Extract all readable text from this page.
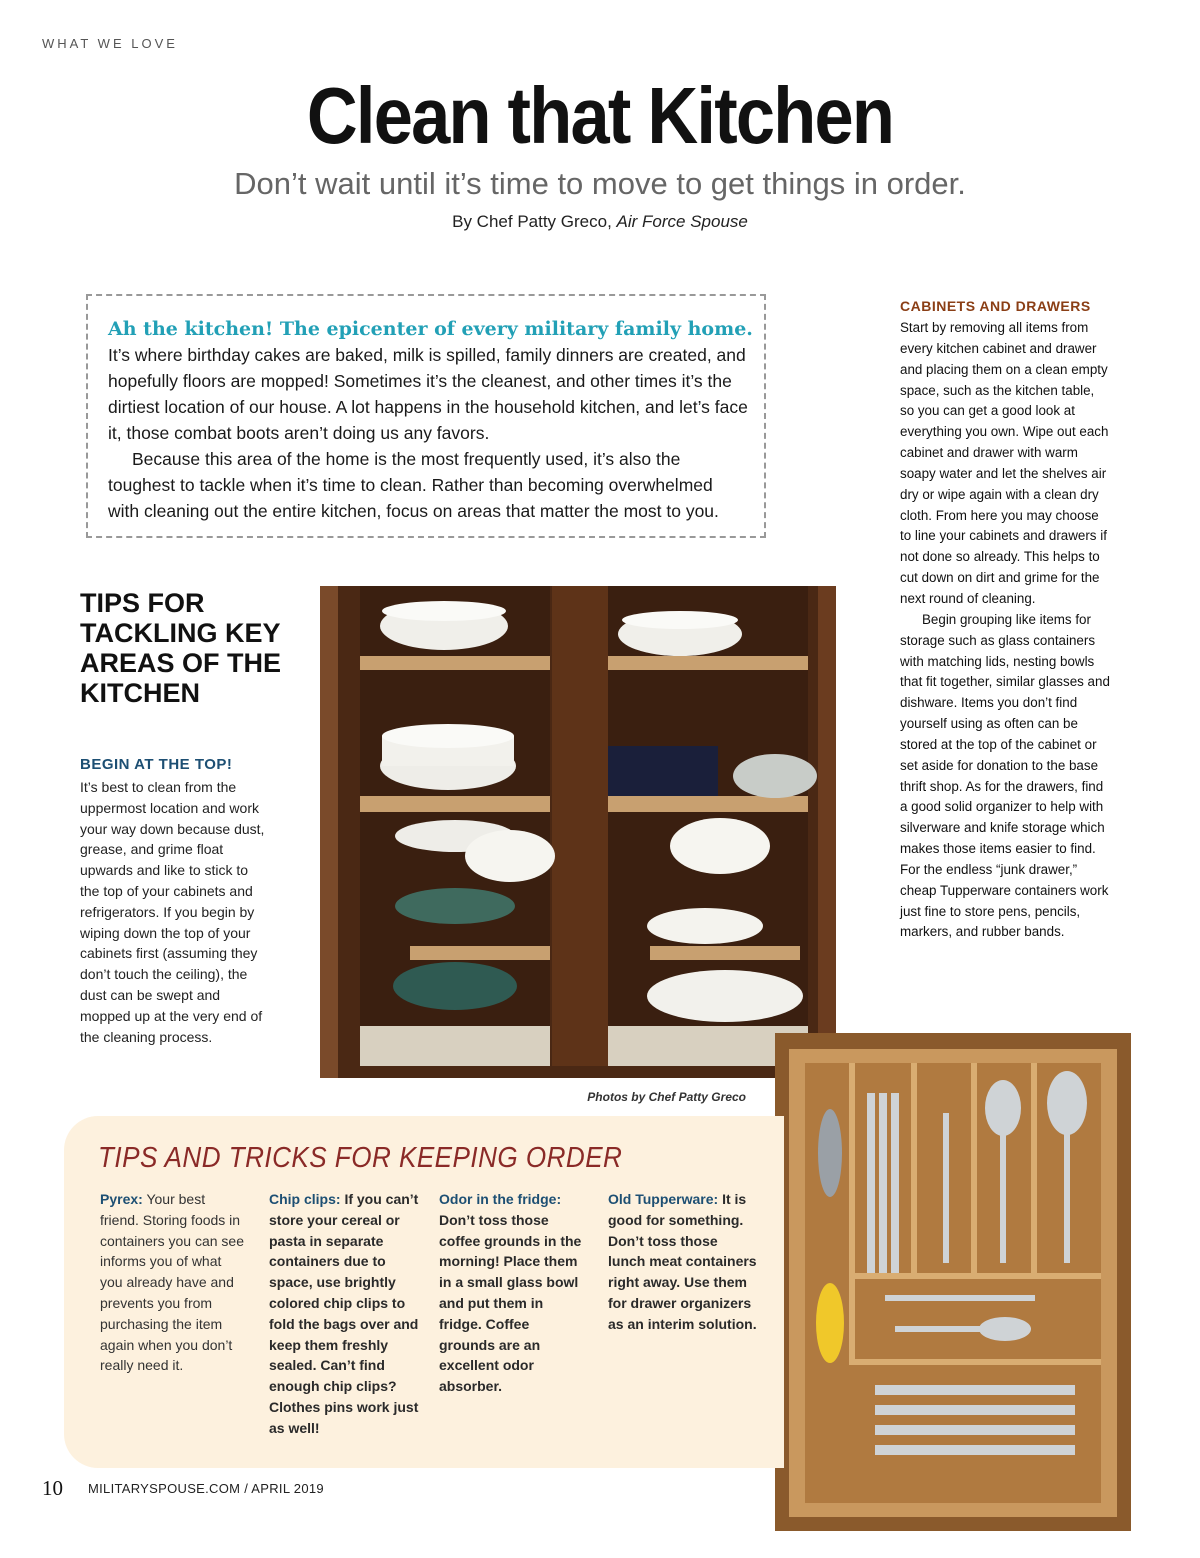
WHAT WE LOVE
Clean that Kitchen
Don’t wait until it’s time to move to get things in order.
By Chef Patty Greco, Air Force Spouse
Ah the kitchen! The epicenter of every military family home.

It’s where birthday cakes are baked, milk is spilled, family dinners are created, and hopefully floors are mopped! Sometimes it’s the cleanest, and other times it’s the dirtiest location of our house. A lot happens in the household kitchen, and let’s face it, those combat boots aren’t doing us any favors.

Because this area of the home is the most frequently used, it’s also the toughest to tackle when it’s time to clean. Rather than becoming overwhelmed with cleaning out the entire kitchen, focus on areas that matter the most to you.

TIPS FOR TACKLING KEY AREAS OF THE KITCHEN
BEGIN AT THE TOP!
It’s best to clean from the uppermost location and work your way down because dust, grease, and grime float upwards and like to stick to the top of your cabinets and refrigerators. If you begin by wiping down the top of your cabinets first (assuming they don’t touch the ceiling), the dust can be swept and mopped up at the very end of the cleaning process.
Photos by Chef Patty Greco
CABINETS AND DRAWERS

Start by removing all items from every kitchen cabinet and drawer and placing them on a clean empty space, such as the kitchen table, so you can get a good look at everything you own. Wipe out each cabinet and drawer with warm soapy water and let the shelves air dry or wipe again with a clean dry cloth. From here you may choose to line your cabinets and drawers if not done so already. This helps to cut down on dirt and grime for the next round of cleaning.

Begin grouping like items for storage such as glass containers with matching lids, nesting bowls that fit together, similar glasses and dishware. Items you don’t find yourself using as often can be stored at the top of the cabinet or set aside for donation to the base thrift shop. As for the drawers, find a good solid organizer to help with silverware and knife storage which makes those items easier to find. For the endless “junk drawer,” cheap Tupperware containers work just fine to store pens, pencils, markers, and rubber bands.

TIPS AND TRICKS FOR KEEPING ORDER
Pyrex: Your best friend. Storing foods in containers you can see informs you of what you already have and prevents you from purchasing the item again when you don’t really need it.
Chip clips: If you can’t store your cereal or pasta in separate containers due to space, use brightly colored chip clips to fold the bags over and keep them freshly sealed. Can’t find enough chip clips? Clothes pins work just as well!
Odor in the fridge: Don’t toss those coffee grounds in the morning! Place them in a small glass bowl and put them in fridge. Coffee grounds are an excellent odor absorber.
Old Tupperware: It is good for something. Don’t toss those lunch meat containers right away. Use them for drawer organizers as an interim solution.
10 MILITARYSPOUSE.COM / APRIL 2019
